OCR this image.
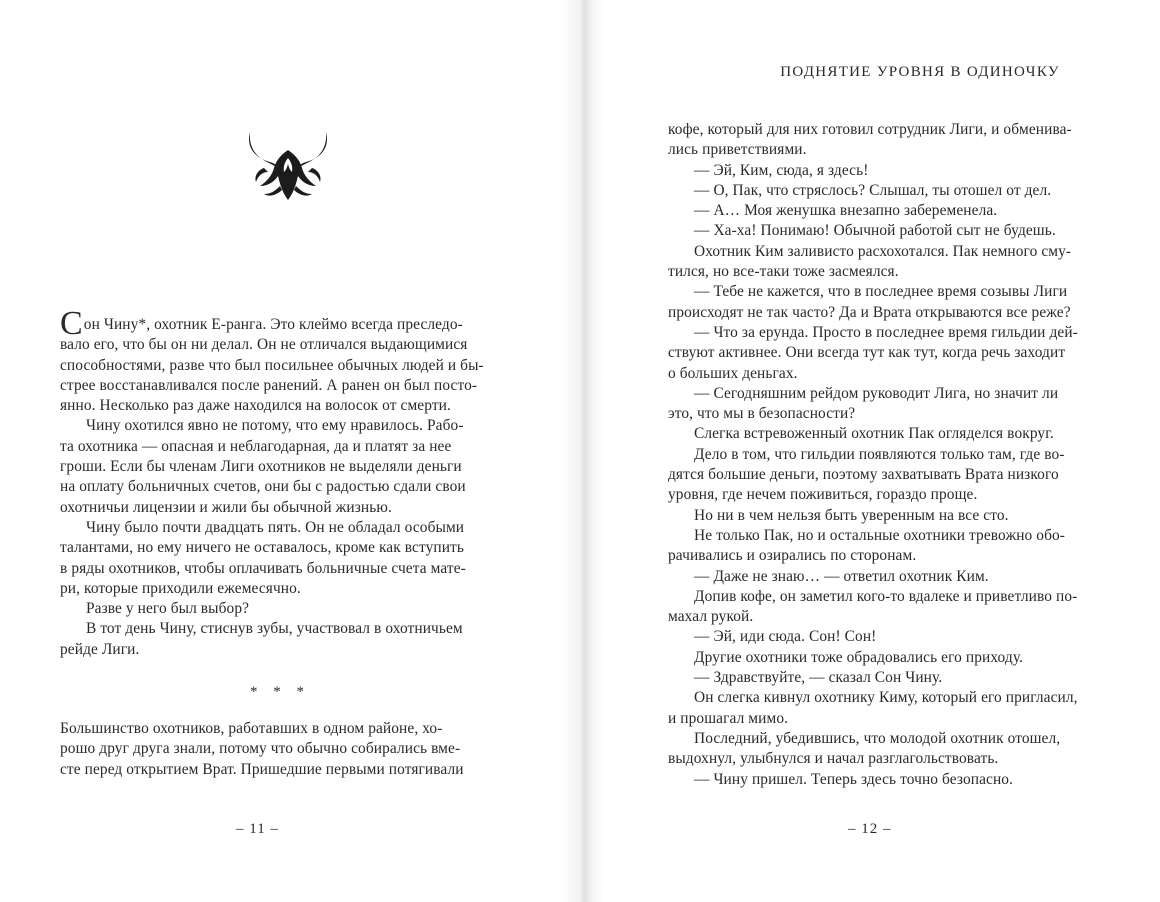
С он Чину*, охотник Е-ранга. Это клеймо всегда преследо-
вало его, что бы он ни делал. Он не отличался выдающимися
способностями, разве что был посильнее обычных людей и бы-
стрее восстанавливался после ранений. А ранен он был посто-
янно. Несколько раз даже находился на волосок от смерти.
Чину охотился явно не потому, что ему нравилось. Рабо-
та охотника — опасная и неблагодарная, да и платят за нее
гроши. Если бы членам Лиги охотников не выделяли деньги
на оплату больничных счетов, они бы с радостью сдали свои
охотничьи лицензии и жили бы обычной жизнью.
Чину было почти двадцать пять. Он не обладал особыми
талантами, но ему ничего не оставалось, кроме как вступить
в ряды охотников, чтобы оплачивать больничные счета мате-
ри, которые приходили ежемесячно.
Разве у него был выбор?
В тот день Чину, стиснув зубы, участвовал в охотничьем
рейде Лиги.
* * *
Большинство охотников, работавших в одном районе, хо-
рошо друг друга знали, потому что обычно собирались вме-
сте перед открытием Врат. Пришедшие первыми потягивали
– 11 –
ПОДНЯТИЕ УРОВНЯ В ОДИНОЧКУ
кофе, который для них готовил сотрудник Лиги, и обменива-
лись приветствиями.
— Эй, Ким, сюда, я здесь!
— О, Пак, что стряслось? Слышал, ты отошел от дел.
— А… Моя женушка внезапно забеременела.
— Ха-ха! Понимаю! Обычной работой сыт не будешь.
Охотник Ким заливисто расхохотался. Пак немного сму-
тился, но все-таки тоже засмеялся.
— Тебе не кажется, что в последнее время созывы Лиги
происходят не так часто? Да и Врата открываются все реже?
— Что за ерунда. Просто в последнее время гильдии дей-
ствуют активнее. Они всегда тут как тут, когда речь заходит
о больших деньгах.
— Сегодняшним рейдом руководит Лига, но значит ли
это, что мы в безопасности?
Слегка встревоженный охотник Пак огляделся вокруг.
Дело в том, что гильдии появляются только там, где во-
дятся большие деньги, поэтому захватывать Врата низкого
уровня, где нечем поживиться, гораздо проще.
Но ни в чем нельзя быть уверенным на все сто.
Не только Пак, но и остальные охотники тревожно обо-
рачивались и озирались по сторонам.
— Даже не знаю… — ответил охотник Ким.
Допив кофе, он заметил кого-то вдалеке и приветливо по-
махал рукой.
— Эй, иди сюда. Сон! Сон!
Другие охотники тоже обрадовались его приходу.
— Здравствуйте, — сказал Сон Чину.
Он слегка кивнул охотнику Киму, который его пригласил,
и прошагал мимо.
Последний, убедившись, что молодой охотник отошел,
выдохнул, улыбнулся и начал разглагольствовать.
— Чину пришел. Теперь здесь точно безопасно.
– 12 –
